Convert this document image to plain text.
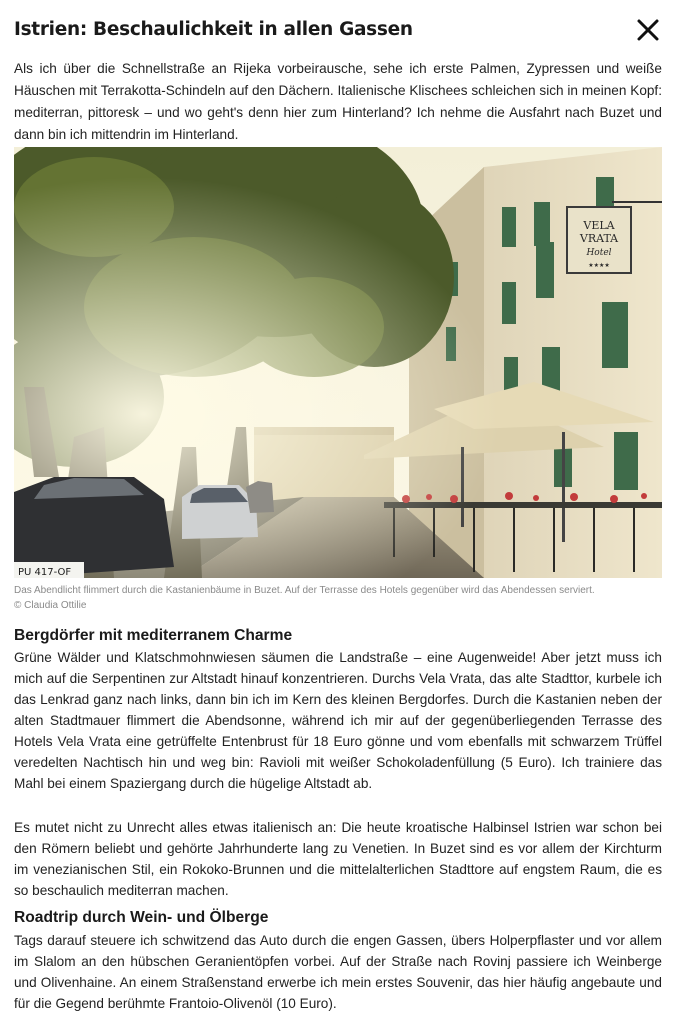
Istrien: Beschaulichkeit in allen Gassen

Als ich über die Schnellstraße an Rijeka vorbeirausche, sehe ich erste Palmen, Zypressen und weiße Häuschen mit Terrakotta-Schindeln auf den Dächern. Italienische Klischees schleichen sich in meinen Kopf: mediterran, pittoresk – und wo geht's denn hier zum Hinterland? Ich nehme die Ausfahrt nach Buzet und dann bin ich mittendrin im Hinterland.

PU 417-OF

Das Abendlicht flimmert durch die Kastanienbäume in Buzet. Auf der Terrasse des Hotels gegenüber wird das Abendessen serviert.
© Claudia Ottilie

Bergdörfer mit mediterranem Charme

Grüne Wälder und Klatschmohnwiesen säumen die Landstraße – eine Augenweide! Aber jetzt muss ich mich auf die Serpentinen zur Altstadt hinauf konzentrieren. Durchs Vela Vrata, das alte Stadttor, kurbele ich das Lenkrad ganz nach links, dann bin ich im Kern des kleinen Bergdorfes. Durch die Kastanien neben der alten Stadtmauer flimmert die Abendsonne, während ich mir auf der gegenüberliegenden Terrasse des Hotels Vela Vrata eine getrüffelte Entenbrust für 18 Euro gönne und vom ebenfalls mit schwarzem Trüffel veredelten Nachtisch hin und weg bin: Ravioli mit weißer Schokoladenfüllung (5 Euro). Ich trainiere das Mahl bei einem Spaziergang durch die hügelige Altstadt ab.

Es mutet nicht zu Unrecht alles etwas italienisch an: Die heute kroatische Halbinsel Istrien war schon bei den Römern beliebt und gehörte Jahrhunderte lang zu Venetien. In Buzet sind es vor allem der Kirchturm im venezianischen Stil, ein Rokoko-Brunnen und die mittelalterlichen Stadttore auf engstem Raum, die es so beschaulich mediterran machen.

Roadtrip durch Wein- und Ölberge

Tags darauf steuere ich schwitzend das Auto durch die engen Gassen, übers Holperpflaster und vor allem im Slalom an den hübschen Geranientöpfen vorbei. Auf der Straße nach Rovinj passiere ich Weinberge und Olivenhaine. An einem Straßenstand erwerbe ich mein erstes Souvenir, das hier häufig angebaute und für die Gegend berühmte Frantoio-Olivenöl (10 Euro).
